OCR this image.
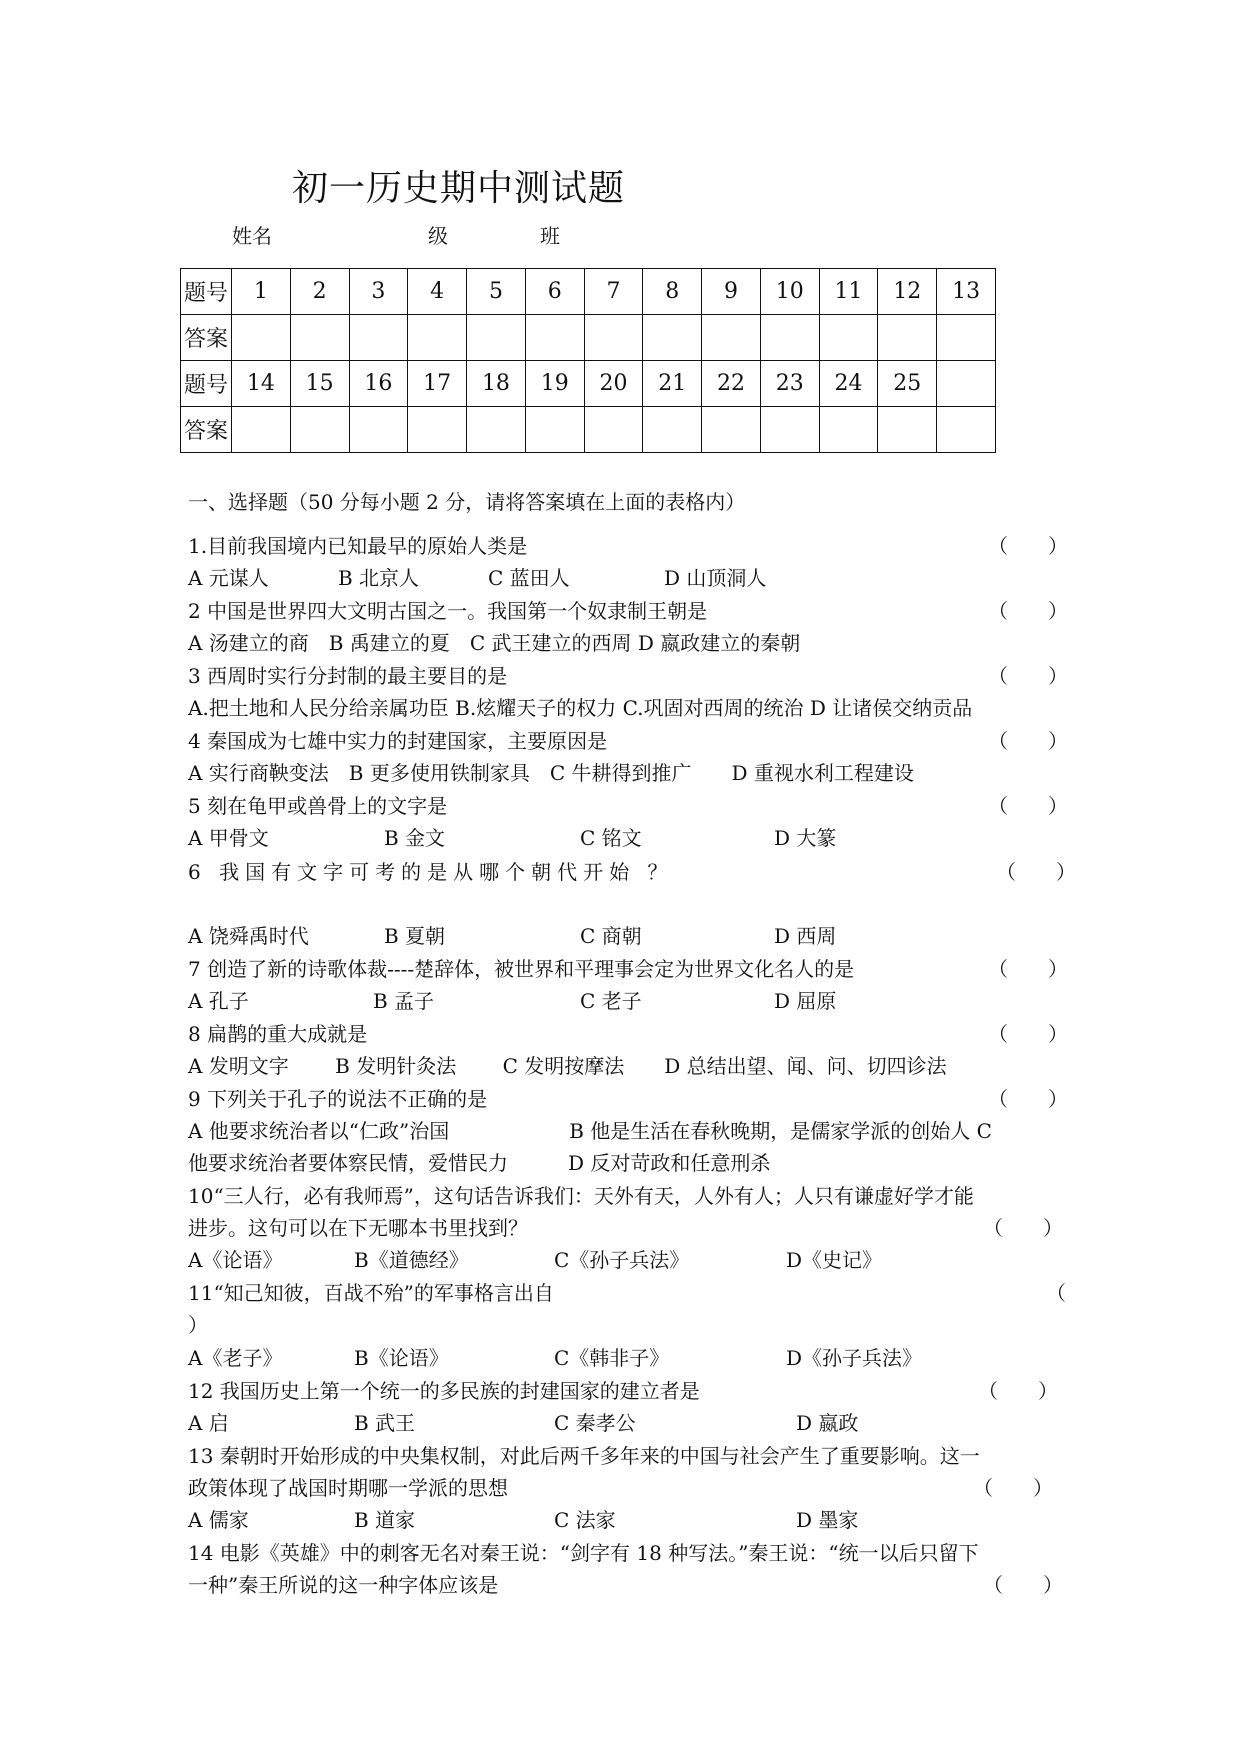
初一历史期中测试题
姓名	级	班
题号	1	2	3	4	5	6	7	8	9	10	11	12	13
答案													
题号	14	15	16	17	18	19	20	21	22	23	24	25	
答案													
一、选择题（50 分每小题 2 分，请将答案填在上面的表格内）
1.目前我国境内已知最早的原始人类是	（　　）
A 元谋人	B 北京人	C 蓝田人	D 山顶洞人
2 中国是世界四大文明古国之一。我国第一个奴隶制王朝是	（　　）
A 汤建立的商　B 禹建立的夏　C 武王建立的西周 D 嬴政建立的秦朝
3 西周时实行分封制的最主要目的是	（　　）
A.把土地和人民分给亲属功臣 B.炫耀天子的权力 C.巩固对西周的统治 D 让诸侯交纳贡品
4 秦国成为七雄中实力的封建国家，主要原因是	（　　）
A 实行商鞅变法　B 更多使用铁制家具　C 牛耕得到推广　　D 重视水利工程建设
5 刻在龟甲或兽骨上的文字是	（　　）
A 甲骨文	B 金文	C 铭文	D 大篆
6 我国有文字可考的是从哪个朝代开始 ？	（　　）
A 饶舜禹时代	B 夏朝	C 商朝	D 西周
7 创造了新的诗歌体裁----楚辞体，被世界和平理事会定为世界文化名人的是	（　　）
A 孔子	B 孟子	C 老子	D 屈原
8 扁鹊的重大成就是	（　　）
A 发明文字　　 B 发明针灸法　　 C 发明按摩法　　D 总结出望、闻、问、切四诊法
9 下列关于孔子的说法不正确的是	（　　）
A 他要求统治者以“仁政”治国　　　　　　B 他是生活在春秋晚期，是儒家学派的创始人 C
他要求统治者要体察民情，爱惜民力　　　D 反对苛政和任意刑杀
10“三人行，必有我师焉”，这句话告诉我们：天外有天，人外有人；人只有谦虚好学才能
进步。这句可以在下无哪本书里找到？	（　　）
A《论语》	B《道德经》	C《孙子兵法》	D《史记》
11“知己知彼，百战不殆”的军事格言出自	（
）
A《老子》	B《论语》	C《韩非子》	D《孙子兵法》
12 我国历史上第一个统一的多民族的封建国家的建立者是	（　　）
A 启	B 武王	C 秦孝公	D 嬴政
13 秦朝时开始形成的中央集权制，对此后两千多年来的中国与社会产生了重要影响。这一
政策体现了战国时期哪一学派的思想	（　　）
A 儒家	B 道家	C 法家	D 墨家
14 电影《英雄》中的刺客无名对秦王说：“剑字有 18 种写法。”秦王说：“统一以后只留下
一种”秦王所说的这一种字体应该是	（　　）
